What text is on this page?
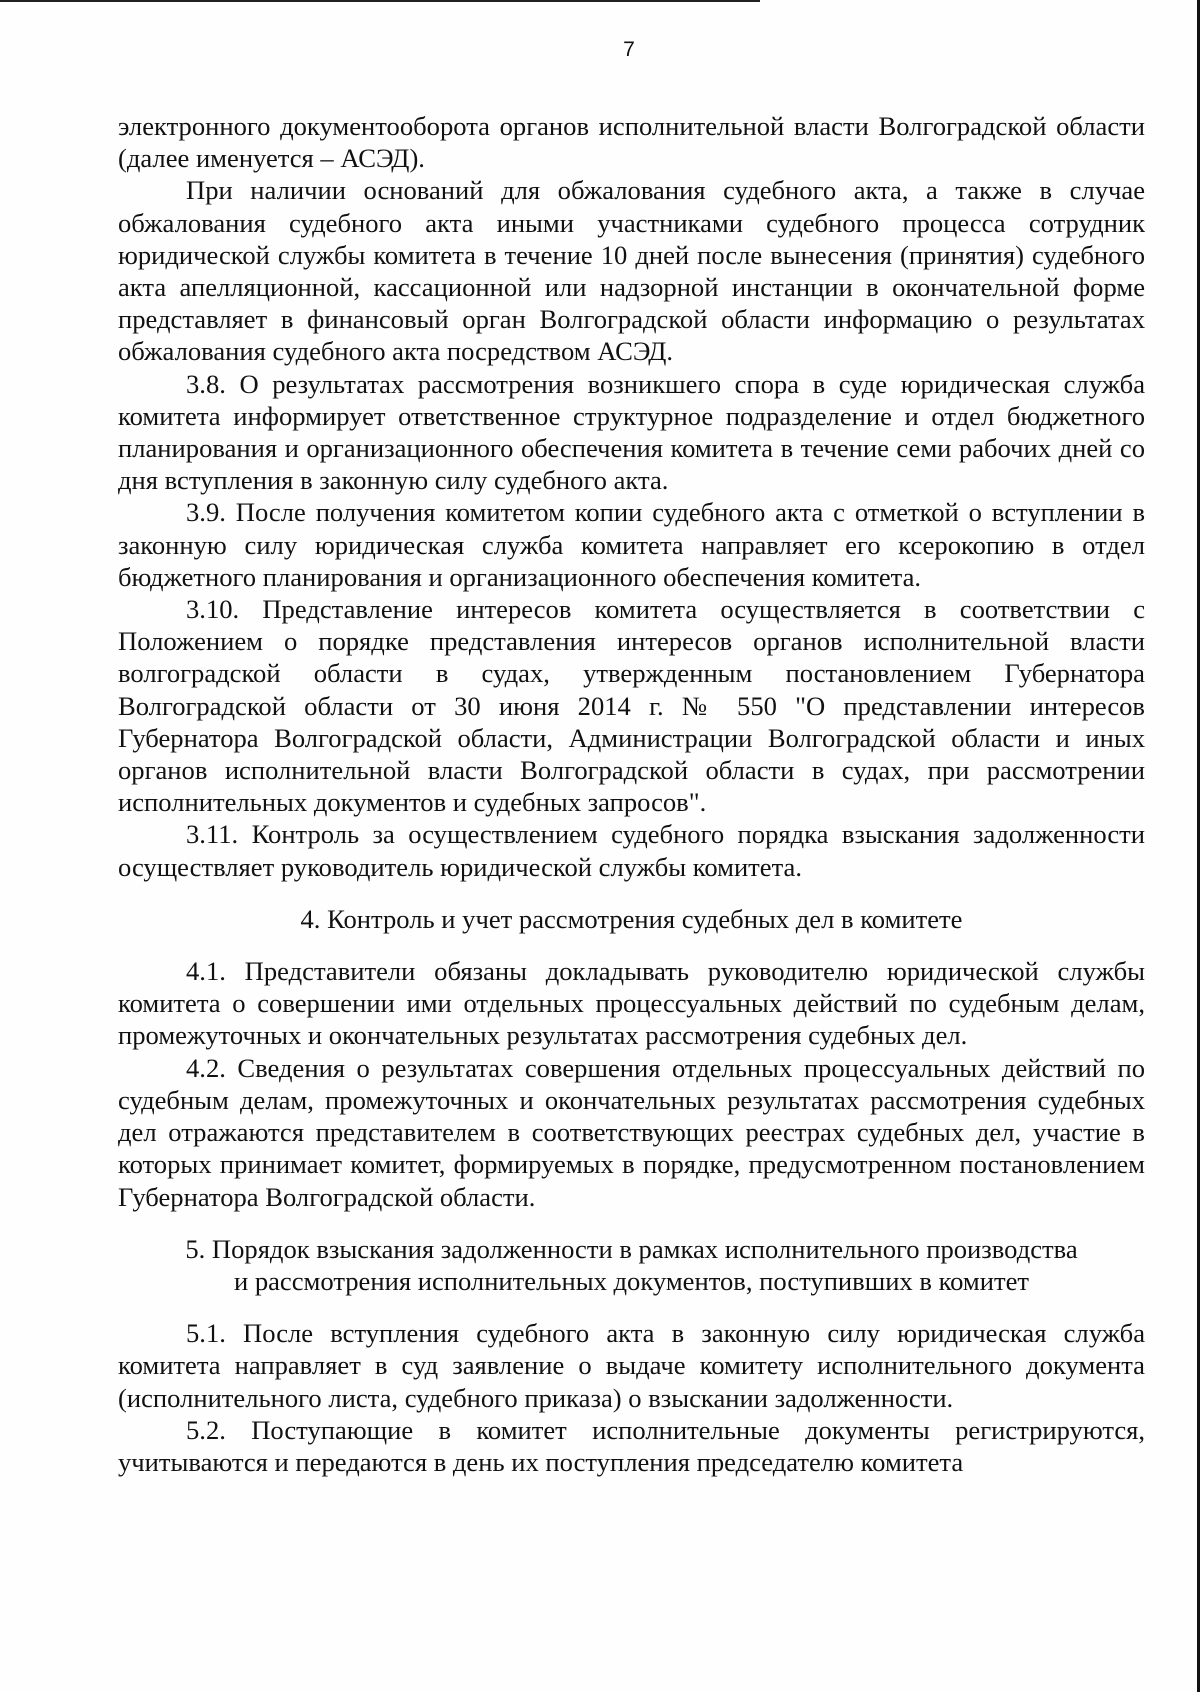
7

электронного документооборота органов исполнительной власти Волгоградской области (далее именуется – АСЭД).

При наличии оснований для обжалования судебного акта, а также в случае обжалования судебного акта иными участниками судебного процесса сотрудник юридической службы комитета в течение 10 дней после вынесения (принятия) судебного акта апелляционной, кассационной или надзорной инстанции в окончательной форме представляет в финансовый орган Волгоградской области информацию о результатах обжалования судебного акта посредством АСЭД.

3.8. О результатах рассмотрения возникшего спора в суде юридическая служба комитета информирует ответственное структурное подразделение и отдел бюджетного планирования и организационного обеспечения комитета в течение семи рабочих дней со дня вступления в законную силу судебного акта.

3.9. После получения комитетом копии судебного акта с отметкой о вступлении в законную силу юридическая служба комитета направляет его ксерокопию в отдел бюджетного планирования и организационного обеспечения комитета.

3.10. Представление интересов комитета осуществляется в соответствии с Положением о порядке представления интересов органов исполнительной власти волгоградской области в судах, утвержденным постановлением Губернатора Волгоградской области от 30 июня 2014 г. № 550 "О представлении интересов Губернатора Волгоградской области, Администрации Волгоградской области и иных органов исполнительной власти Волгоградской области в судах, при рассмотрении исполнительных документов и судебных запросов".

3.11. Контроль за осуществлением судебного порядка взыскания задолженности осуществляет руководитель юридической службы комитета.

4. Контроль и учет рассмотрения судебных дел в комитете

4.1. Представители обязаны докладывать руководителю юридической службы комитета о совершении ими отдельных процессуальных действий по судебным делам, промежуточных и окончательных результатах рассмотрения судебных дел.

4.2. Сведения о результатах совершения отдельных процессуальных действий по судебным делам, промежуточных и окончательных результатах рассмотрения судебных дел отражаются представителем в соответствующих реестрах судебных дел, участие в которых принимает комитет, формируемых в порядке, предусмотренном постановлением Губернатора Волгоградской области.

5. Порядок взыскания задолженности в рамках исполнительного производства

и рассмотрения исполнительных документов, поступивших в комитет

5.1. После вступления судебного акта в законную силу юридическая служба комитета направляет в суд заявление о выдаче комитету исполнительного документа (исполнительного листа, судебного приказа) о взыскании задолженности.

5.2. Поступающие в комитет исполнительные документы регистрируются, учитываются и передаются в день их поступления председателю комитета
